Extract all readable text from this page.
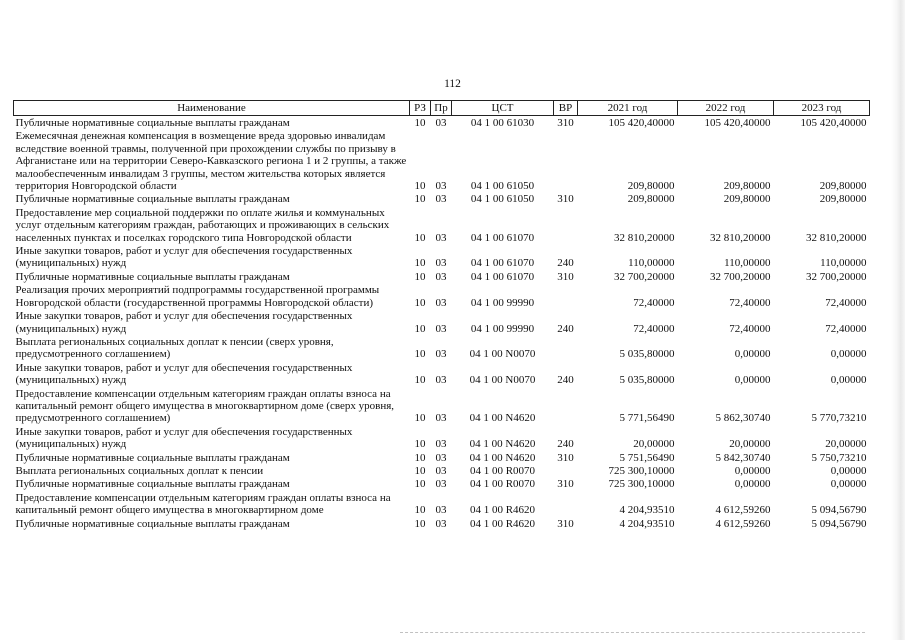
112
Наименование	РЗ	Пр	ЦСТ	ВР	2021 год	2022 год	2023 год
Публичные нормативные социальные выплаты гражданам	10	03	04 1 00 61030	310	105 420,40000	105 420,40000	105 420,40000
Ежемесячная денежная компенсация в возмещение вреда здоровью инвалидам вследствие военной травмы, полученной при прохождении службы по призыву в Афганистане или на территории Северо-Кавказского региона 1 и 2 группы, а также малообеспеченным инвалидам 3 группы, местом жительства которых является территория Новгородской области	10	03	04 1 00 61050		209,80000	209,80000	209,80000
Публичные нормативные социальные выплаты гражданам	10	03	04 1 00 61050	310	209,80000	209,80000	209,80000
Предоставление мер социальной поддержки по оплате жилья и коммунальных услуг отдельным категориям граждан, работающих и проживающих в сельских населенных пунктах и поселках городского типа Новгородской области	10	03	04 1 00 61070		32 810,20000	32 810,20000	32 810,20000
Иные закупки товаров, работ и услуг для обеспечения государственных (муниципальных) нужд	10	03	04 1 00 61070	240	110,00000	110,00000	110,00000
Публичные нормативные социальные выплаты гражданам	10	03	04 1 00 61070	310	32 700,20000	32 700,20000	32 700,20000
Реализация прочих мероприятий подпрограммы государственной программы Новгородской области (государственной программы Новгородской области)	10	03	04 1 00 99990		72,40000	72,40000	72,40000
Иные закупки товаров, работ и услуг для обеспечения государственных (муниципальных) нужд	10	03	04 1 00 99990	240	72,40000	72,40000	72,40000
Выплата региональных социальных доплат к пенсии (сверх уровня, предусмотренного соглашением)	10	03	04 1 00 N0070		5 035,80000	0,00000	0,00000
Иные закупки товаров, работ и услуг для обеспечения государственных (муниципальных) нужд	10	03	04 1 00 N0070	240	5 035,80000	0,00000	0,00000
Предоставление компенсации отдельным категориям граждан оплаты взноса на капитальный ремонт общего имущества в многоквартирном доме (сверх уровня, предусмотренного соглашением)	10	03	04 1 00 N4620		5 771,56490	5 862,30740	5 770,73210
Иные закупки товаров, работ и услуг для обеспечения государственных (муниципальных) нужд	10	03	04 1 00 N4620	240	20,00000	20,00000	20,00000
Публичные нормативные социальные выплаты гражданам	10	03	04 1 00 N4620	310	5 751,56490	5 842,30740	5 750,73210
Выплата региональных социальных доплат к пенсии	10	03	04 1 00 R0070		725 300,10000	0,00000	0,00000
Публичные нормативные социальные выплаты гражданам	10	03	04 1 00 R0070	310	725 300,10000	0,00000	0,00000
Предоставление компенсации отдельным категориям граждан оплаты взноса на капитальный ремонт общего имущества в многоквартирном доме	10	03	04 1 00 R4620		4 204,93510	4 612,59260	5 094,56790
Публичные нормативные социальные выплаты гражданам	10	03	04 1 00 R4620	310	4 204,93510	4 612,59260	5 094,56790
